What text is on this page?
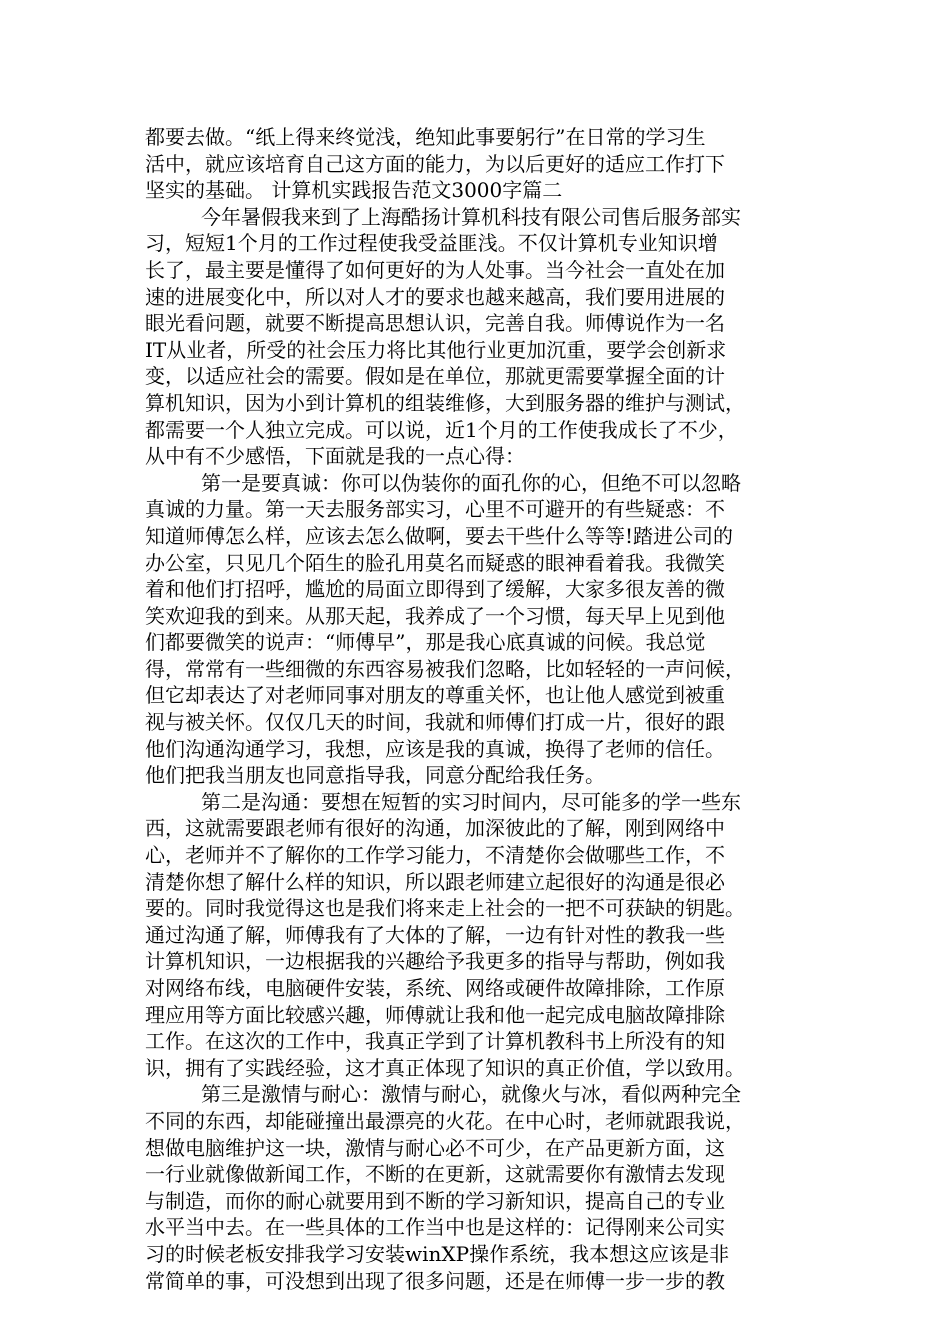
都要去做。“纸上得来终觉浅，绝知此事要躬行”在日常的学习生
活中，就应该培育自己这方面的能力，为以后更好的适应工作打下
坚实的基础。 计算机实践报告范文3000字篇二
今年暑假我来到了上海酷扬计算机科技有限公司售后服务部实
习，短短1个月的工作过程使我受益匪浅。不仅计算机专业知识增
长了，最主要是懂得了如何更好的为人处事。当今社会一直处在加
速的进展变化中，所以对人才的要求也越来越高，我们要用进展的
眼光看问题，就要不断提高思想认识，完善自我。师傅说作为一名
IT从业者，所受的社会压力将比其他行业更加沉重，要学会创新求
变，以适应社会的需要。假如是在单位，那就更需要掌握全面的计
算机知识，因为小到计算机的组装维修，大到服务器的维护与测试，
都需要一个人独立完成。可以说，近1个月的工作使我成长了不少，
从中有不少感悟，下面就是我的一点心得：
第一是要真诚：你可以伪装你的面孔你的心，但绝不可以忽略
真诚的力量。第一天去服务部实习，心里不可避开的有些疑惑：不
知道师傅怎么样，应该去怎么做啊，要去干些什么等等!踏进公司的
办公室，只见几个陌生的脸孔用莫名而疑惑的眼神看着我。我微笑
着和他们打招呼，尴尬的局面立即得到了缓解，大家多很友善的微
笑欢迎我的到来。从那天起，我养成了一个习惯，每天早上见到他
们都要微笑的说声：“师傅早”，那是我心底真诚的问候。我总觉
得，常常有一些细微的东西容易被我们忽略，比如轻轻的一声问候，
但它却表达了对老师同事对朋友的尊重关怀，也让他人感觉到被重
视与被关怀。仅仅几天的时间，我就和师傅们打成一片，很好的跟
他们沟通沟通学习，我想，应该是我的真诚，换得了老师的信任。
他们把我当朋友也同意指导我，同意分配给我任务。
第二是沟通：要想在短暂的实习时间内，尽可能多的学一些东
西，这就需要跟老师有很好的沟通，加深彼此的了解，刚到网络中
心，老师并不了解你的工作学习能力，不清楚你会做哪些工作，不
清楚你想了解什么样的知识，所以跟老师建立起很好的沟通是很必
要的。同时我觉得这也是我们将来走上社会的一把不可获缺的钥匙。
通过沟通了解，师傅我有了大体的了解，一边有针对性的教我一些
计算机知识，一边根据我的兴趣给予我更多的指导与帮助，例如我
对网络布线，电脑硬件安装，系统、网络或硬件故障排除，工作原
理应用等方面比较感兴趣，师傅就让我和他一起完成电脑故障排除
工作。在这次的工作中，我真正学到了计算机教科书上所没有的知
识，拥有了实践经验，这才真正体现了知识的真正价值，学以致用。
第三是激情与耐心：激情与耐心，就像火与冰，看似两种完全
不同的东西，却能碰撞出最漂亮的火花。在中心时，老师就跟我说，
想做电脑维护这一块，激情与耐心必不可少，在产品更新方面，这
一行业就像做新闻工作，不断的在更新，这就需要你有激情去发现
与制造，而你的耐心就要用到不断的学习新知识，提高自己的专业
水平当中去。在一些具体的工作当中也是这样的：记得刚来公司实
习的时候老板安排我学习安装winXP操作系统，我本想这应该是非
常简单的事，可没想到出现了很多问题，还是在师傅一步一步的教
